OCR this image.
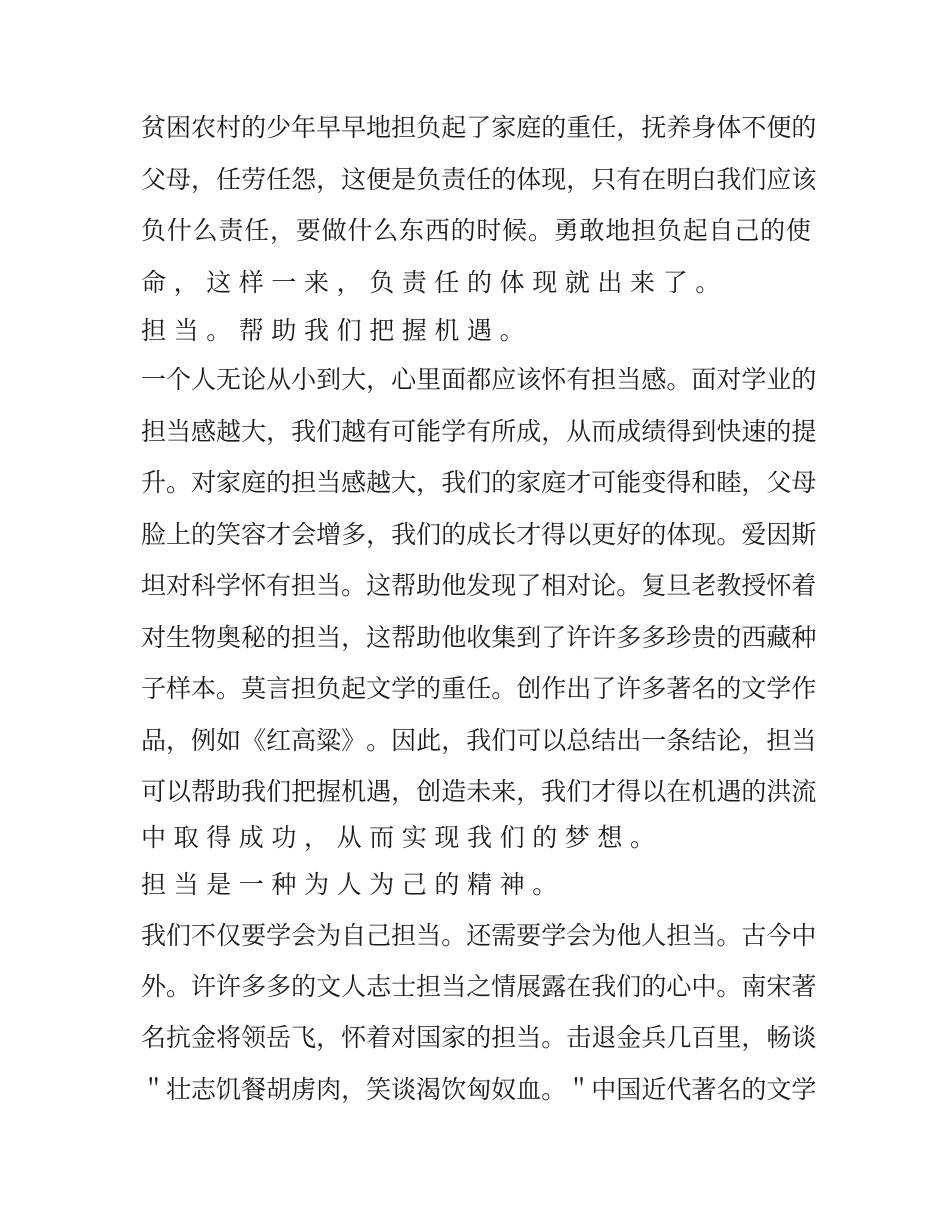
贫 困 农 村 的 少 年 早 早 地 担 负 起 了 家 庭 的 重 任 ， 抚 养 身 体 不 便 的
父 母 ， 任 劳 任 怨 ， 这 便 是 负 责 任 的 体 现 ， 只 有 在 明 白 我 们 应 该
负 什 么 责 任 ， 要 做 什 么 东 西 的 时 候 。 勇 敢 地 担 负 起 自 己 的 使
命，这样一来，负责任的体现就出来了。
担当。帮助我们把握机遇。
一 个 人 无 论 从 小 到 大 ， 心 里 面 都 应 该 怀 有 担 当 感 。 面 对 学 业 的
担 当 感 越 大 ， 我 们 越 有 可 能 学 有 所 成 ， 从 而 成 绩 得 到 快 速 的 提
升 。 对 家 庭 的 担 当 感 越 大 ， 我 们 的 家 庭 才 可 能 变 得 和 睦 ， 父 母
脸 上 的 笑 容 才 会 增 多 ， 我 们 的 成 长 才 得 以 更 好 的 体 现 。 爱 因 斯
坦 对 科 学 怀 有 担 当 。 这 帮 助 他 发 现 了 相 对 论 。 复 旦 老 教 授 怀 着
对 生 物 奥 秘 的 担 当 ， 这 帮 助 他 收 集 到 了 许 许 多 多 珍 贵 的 西 藏 种
子 样 本 。 莫 言 担 负 起 文 学 的 重 任 。 创 作 出 了 许 多 著 名 的 文 学 作
品 ， 例 如 《 红 高 粱 》 。 因 此 ， 我 们 可 以 总 结 出 一 条 结 论 ， 担 当
可 以 帮 助 我 们 把 握 机 遇 ， 创 造 未 来 ， 我 们 才 得 以 在 机 遇 的 洪 流
中取得成功，从而实现我们的梦想。
担当是一种为人为己的精神。
我 们 不 仅 要 学 会 为 自 己 担 当 。 还 需 要 学 会 为 他 人 担 当 。 古 今 中
外 。 许 许 多 多 的 文 人 志 士 担 当 之 情 展 露 在 我 们 的 心 中 。 南 宋 著
名 抗 金 将 领 岳 飞 ， 怀 着 对 国 家 的 担 当 。 击 退 金 兵 几 百 里 ， 畅 谈
＂ 壮 志 饥 餐 胡 虏 肉 ， 笑 谈 渴 饮 匈 奴 血 。 ＂ 中 国 近 代 著 名 的 文 学
